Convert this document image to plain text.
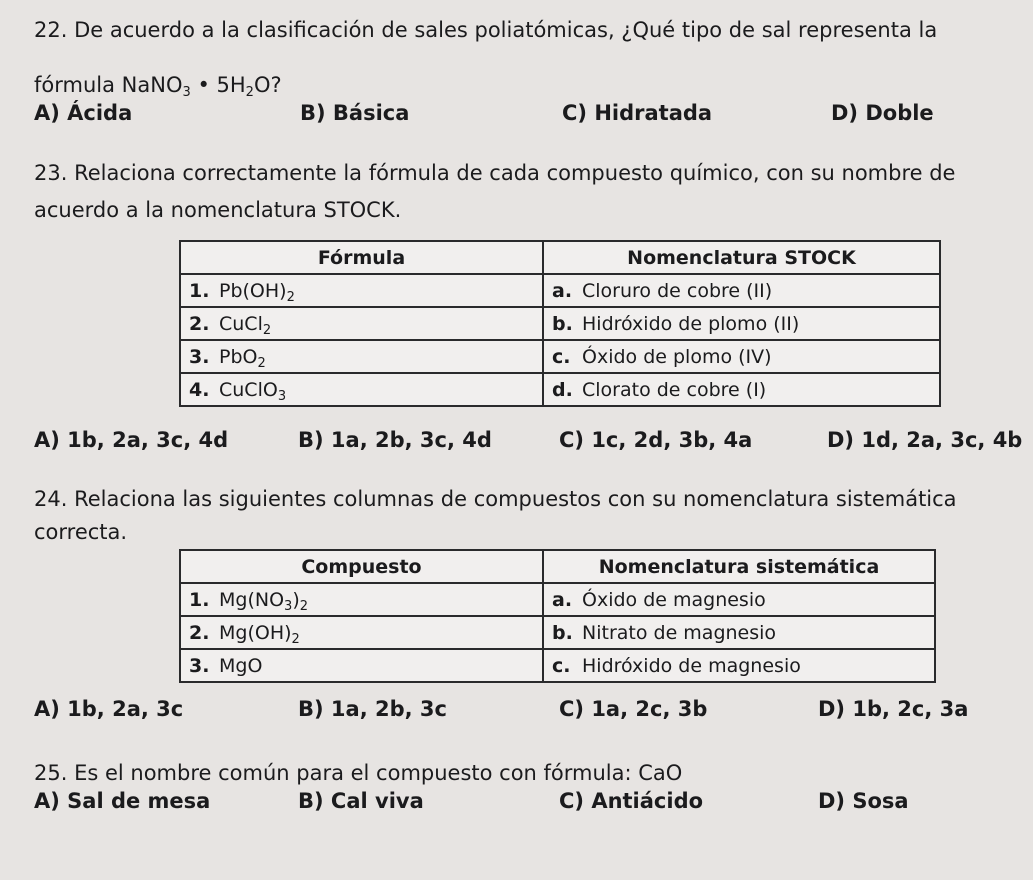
22. De acuerdo a la clasificación de sales poliatómicas, ¿Qué tipo de sal representa la
fórmula NaNO$_3$ • $5H_2O$?
A) Ácida	B) Básica	C) Hidratada	D) Doble
23. Relaciona correctamente la fórmula de cada compuesto químico, con su nombre de
acuerdo a la nomenclatura STOCK.
Fórmula	Nomenclatura STOCK
1. $Pb(OH)_2$	a. Cloruro de cobre (II)
2. CuCl$_2$	b. Hidróxido de plomo (II)
3. PbO$_2$	c. Óxido de plomo (IV)
4. CuClO$_3$	d. Clorato de cobre (I)
A) 1b, 2a, 3c, 4d	B) 1a, 2b, 3c, 4d	C) 1c, 2d, 3b, 4a	D) 1d, 2a, 3c, 4b
24. Relaciona las siguientes columnas de compuestos con su nomenclatura sistemática
correcta.
Compuesto	Nomenclatura sistemática
1. $Mg(NO_3)_2$	a. Óxido de magnesio
2. $Mg(OH)_2$	b. Nitrato de magnesio
3. MgO	c. Hidróxido de magnesio
A) 1b, 2a, 3c	B) 1a, 2b, 3c	C) 1a, 2c, 3b	D) 1b, 2c, 3a
25. Es el nombre común para el compuesto con fórmula: CaO
A) Sal de mesa	B) Cal viva	C) Antiácido	D) Sosa
